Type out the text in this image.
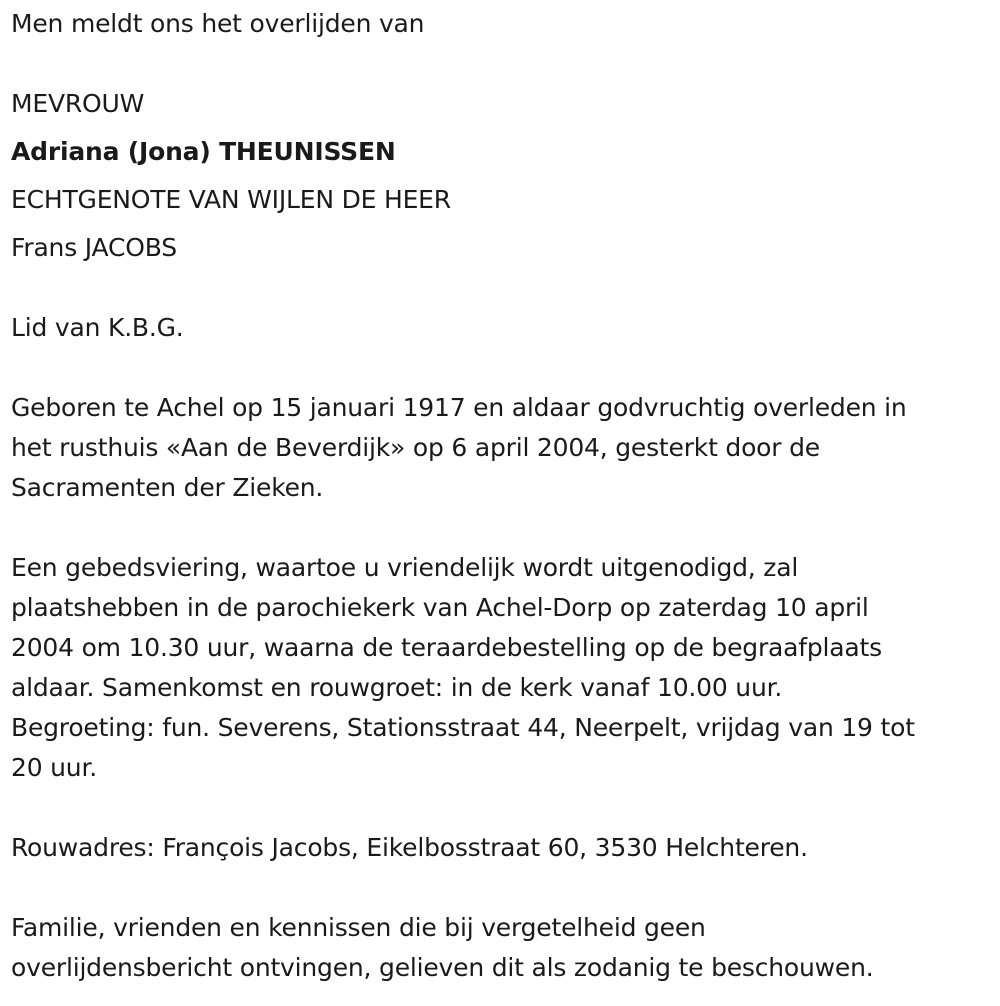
Men meldt ons het overlijden van
MEVROUW
Adriana (Jona) THEUNISSEN
ECHTGENOTE VAN WIJLEN DE HEER
Frans JACOBS
Lid van K.B.G.
Geboren te Achel op 15 januari 1917 en aldaar godvruchtig overleden in
het rusthuis «Aan de Beverdijk» op 6 april 2004, gesterkt door de
Sacramenten der Zieken.
Een gebedsviering, waartoe u vriendelijk wordt uitgenodigd, zal
plaatshebben in de parochiekerk van Achel-Dorp op zaterdag 10 april
2004 om 10.30 uur, waarna de teraardebestelling op de begraafplaats
aldaar. Samenkomst en rouwgroet: in de kerk vanaf 10.00 uur.
Begroeting: fun. Severens, Stationsstraat 44, Neerpelt, vrijdag van 19 tot
20 uur.
Rouwadres: François Jacobs, Eikelbosstraat 60, 3530 Helchteren.
Familie, vrienden en kennissen die bij vergetelheid geen
overlijdensbericht ontvingen, gelieven dit als zodanig te beschouwen.
